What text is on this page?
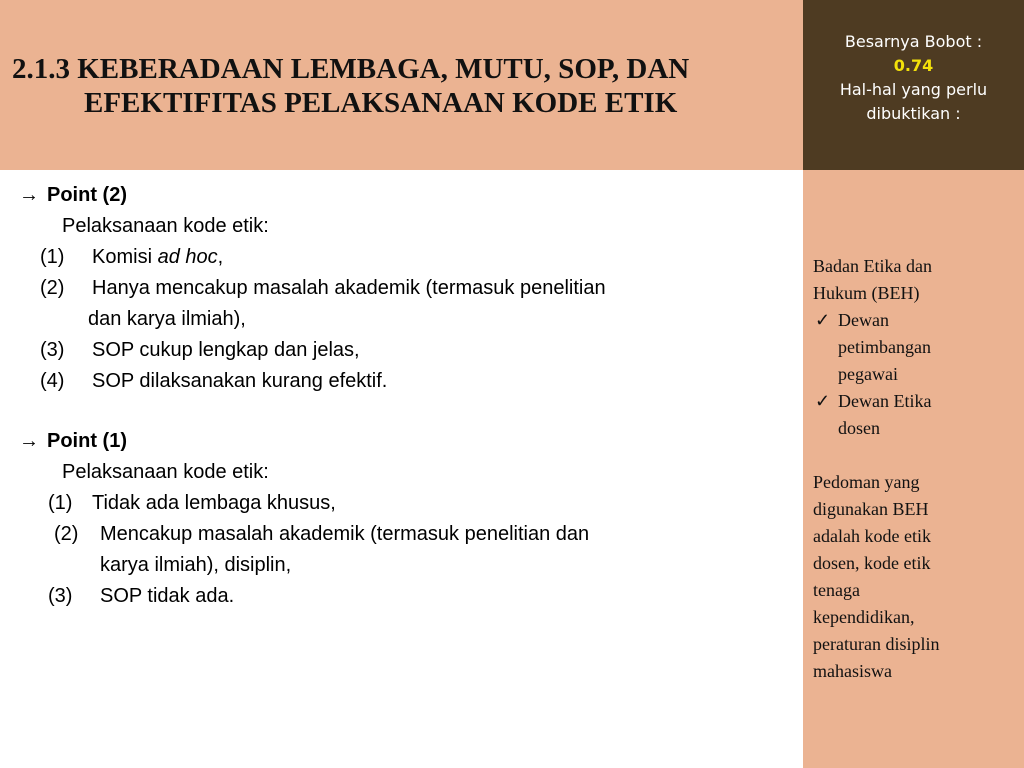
2.1.3 KEBERADAAN LEMBAGA, MUTU, SOP, DAN
EFEKTIFITAS PELAKSANAAN KODE ETIK
Besarnya Bobot :
0.74
Hal-hal yang perlu
dibuktikan :
Badan Etika dan
Hukum (BEH)
✓ Dewan
petimbangan
pegawai
✓ Dewan Etika
dosen
Pedoman yang
digunakan BEH
adalah kode etik
dosen, kode etik
tenaga
kependidikan,
peraturan disiplin
mahasiswa
→ Point (2)
Pelaksanaan kode etik:
(1) Komisi ad hoc,
(2) Hanya mencakup masalah akademik (termasuk penelitian
dan karya ilmiah),
(3) SOP cukup lengkap dan jelas,
(4) SOP dilaksanakan kurang efektif.
→ Point (1)
Pelaksanaan kode etik:
(1) Tidak ada lembaga khusus,
(2) Mencakup masalah akademik (termasuk penelitian dan
karya ilmiah), disiplin,
(3) SOP tidak ada.
